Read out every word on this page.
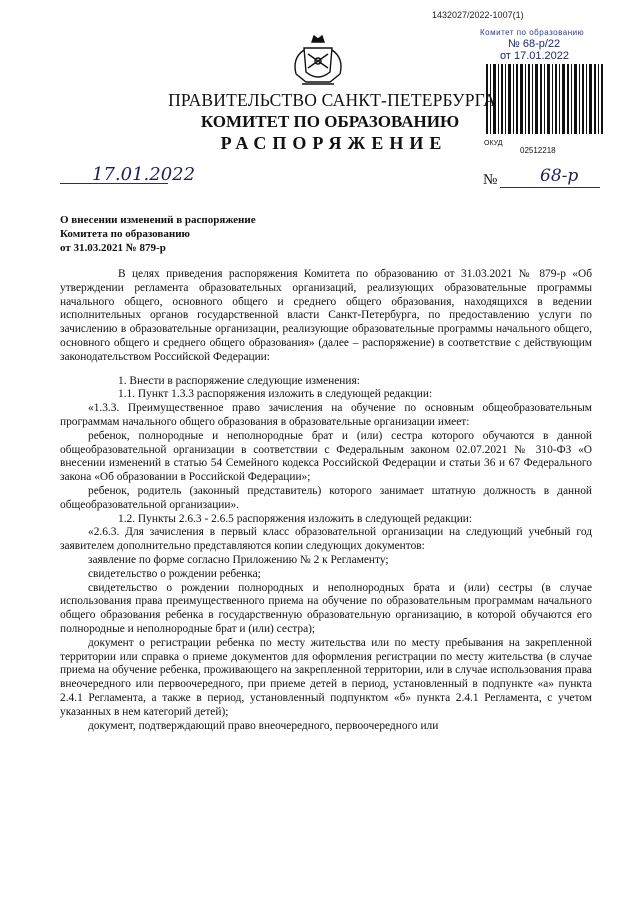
1432027/2022-1007(1)
Комитет по образованию
№ 68-р/22
от 17.01.2022
ОКУД
02512218
ПРАВИТЕЛЬСТВО САНКТ-ПЕТЕРБУРГА
КОМИТЕТ ПО ОБРАЗОВАНИЮ
РАСПОРЯЖЕНИЕ
17.01.2022	№	68-р
О внесении изменений в распоряжение
Комитета по образованию
от 31.03.2021 № 879-р

В целях приведения распоряжения Комитета по образованию от 31.03.2021 № 879-р «Об утверждении регламента образовательных организаций, реализующих образовательные программы начального общего, основного общего и среднего общего образования, находящихся в ведении исполнительных органов государственной власти Санкт-Петербурга, по предоставлению услуги по зачислению в образовательные организации, реализующие образовательные программы начального общего, основного общего и среднего общего образования» (далее – распоряжение) в соответствие с действующим законодательством Российской Федерации:

1. Внести в распоряжение следующие изменения:

1.1. Пункт 1.3.3 распоряжения изложить в следующей редакции:

«1.3.3. Преимущественное право зачисления на обучение по основным общеобразовательным программам начального общего образования в образовательные организации имеет:

ребенок, полнородные и неполнородные брат и (или) сестра которого обучаются в данной общеобразовательной организации в соответствии с Федеральным законом 02.07.2021 № 310-ФЗ «О внесении изменений в статью 54 Семейного кодекса Российской Федерации и статьи 36 и 67 Федерального закона «Об образовании в Российской Федерации»;

ребенок, родитель (законный представитель) которого занимает штатную должность в данной общеобразовательной организации».

1.2. Пункты 2.6.3 - 2.6.5 распоряжения изложить в следующей редакции:

«2.6.3. Для зачисления в первый класс образовательной организации на следующий учебный год заявителем дополнительно представляются копии следующих документов:

заявление по форме согласно Приложению № 2 к Регламенту;

свидетельство о рождении ребенка;

свидетельство о рождении полнородных и неполнородных брата и (или) сестры (в случае использования права преимущественного приема на обучение по образовательным программам начального общего образования ребенка в государственную образовательную организацию, в которой обучаются его полнородные и неполнородные брат и (или) сестра);

документ о регистрации ребенка по месту жительства или по месту пребывания на закрепленной территории или справка о приеме документов для оформления регистрации по месту жительства (в случае приема на обучение ребенка, проживающего на закрепленной территории, или в случае использования права внеочередного или первоочередного, при приеме детей в период, установленный в подпункте «а» пункта 2.4.1 Регламента, а также в период, установленный подпунктом «б» пункта 2.4.1 Регламента, с учетом указанных в нем категорий детей);

документ, подтверждающий право внеочередного, первоочередного или
